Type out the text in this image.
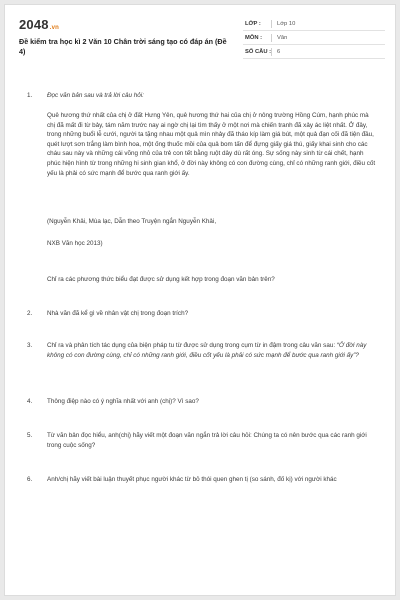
2048.vn
Đề kiểm tra học kì 2 Văn 10 Chân trời sáng tạo có đáp án (Đề 4)
LỚP :	Lớp 10
MÔN :	Văn
SỐ CÂU : 6
1.	Đọc văn bản sau và trả lời câu hỏi:

Quê hương thứ nhất của chị ở đất Hưng Yên, quê hương thứ hai của chị ở nông trường Hồng Cúm, hạnh phúc mà chị đã mất đi từ bảy, tám năm trước nay ai ngờ chị lại tìm thấy ở một nơi mà chiến tranh đã xảy ác liệt nhất. Ở đây, trong những buổi lễ cưới, người ta tặng nhau một quả mìn nhảy đã tháo kíp làm giá bút, một quả đạn cối đã tiện đầu, quét lượt sơn trắng làm bình hoa, một ống thuốc mồi của quả bom tấn để đựng giấy giá thú, giấy khai sinh cho các cháu sau này và những cái võng nhỏ của trẻ con tết bằng ruột dây dù rất óng. Sự sống này sinh từ cái chết, hạnh phúc hiện hình từ trong những hi sinh gian khổ, ở đời này không có con đường cùng, chỉ có những ranh giới, điều cốt yếu là phải có sức mạnh để bước qua ranh giới ấy.

(Nguyễn Khải, Mùa lạc, Dẫn theo Truyện ngắn Nguyễn Khải,

NXB Văn học 2013)

Chỉ ra các phương thức biểu đạt được sử dụng kết hợp trong đoạn văn bản trên?

2.	Nhà văn đã kể gì về nhân vật chị trong đoạn trích?
3.	Chỉ ra và phân tích tác dụng của biện pháp tu từ được sử dụng trong cụm từ in đậm trong câu văn sau: “Ở đời này không có con đường cùng, chỉ có những ranh giới, điều cốt yếu là phải có sức mạnh để bước qua ranh giới ấy”?
4.	Thông điệp nào có ý nghĩa nhất với anh (chị)? Vì sao?
5.	Từ văn bản đọc hiểu, anh(chị) hãy viết một đoạn văn ngắn trả lời câu hỏi: Chúng ta có nên bước qua các ranh giới trong cuộc sống?
6.	Anh/chị hãy viết bài luận thuyết phục người khác từ bỏ thói quen ghen tị (so sánh, đố kị) với người khác
